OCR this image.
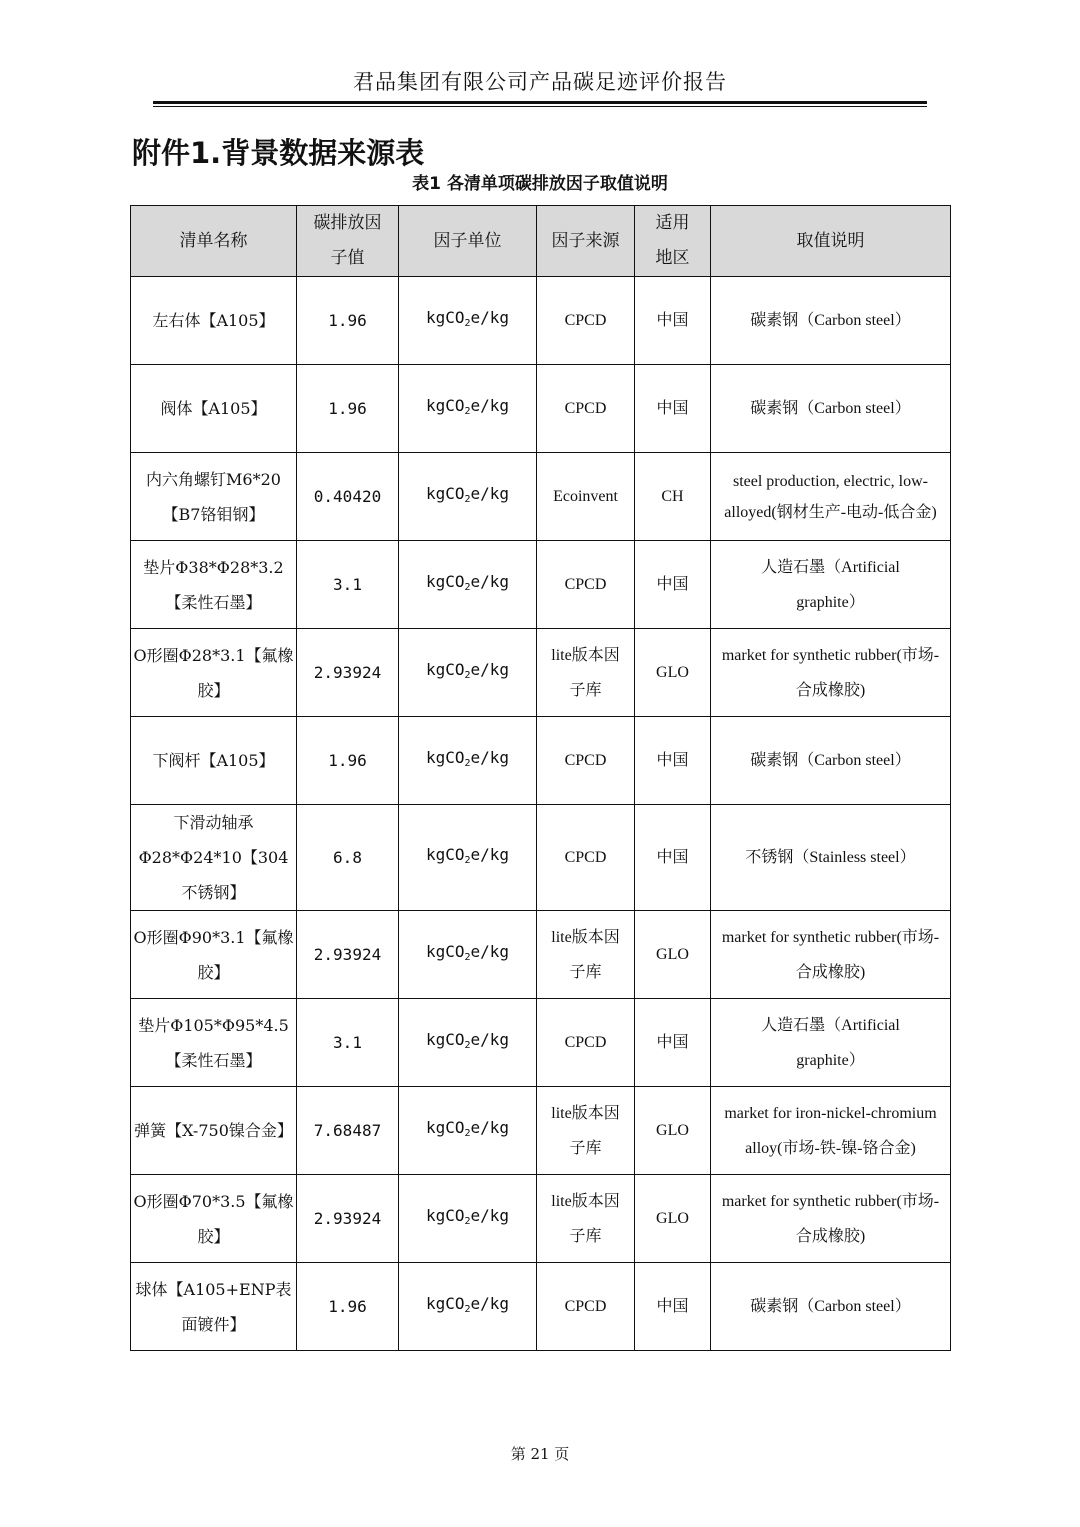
君品集团有限公司产品碳足迹评价报告
附件1.背景数据来源表
表1 各清单项碳排放因子取值说明
清单名称	碳排放因子值	因子单位	因子来源	适用地区	取值说明
左右体【A105】	1.96	kgCO2e/kg	CPCD	中国	碳素钢（Carbon steel）
阀体【A105】	1.96	kgCO2e/kg	CPCD	中国	碳素钢（Carbon steel）
内六角螺钉M6*20【B7铬钼钢】	0.40420	kgCO2e/kg	Ecoinvent	CH	steel production, electric, low-alloyed(钢材生产-电动-低合金)
垫片Φ38*Φ28*3.2【柔性石墨】	3.1	kgCO2e/kg	CPCD	中国	人造石墨（Artificial graphite）
O形圈Φ28*3.1【氟橡胶】	2.93924	kgCO2e/kg	lite版本因子库	GLO	market for synthetic rubber(市场-合成橡胶)
下阀杆【A105】	1.96	kgCO2e/kg	CPCD	中国	碳素钢（Carbon steel）
下滑动轴承Φ28*Φ24*10【304不锈钢】	6.8	kgCO2e/kg	CPCD	中国	不锈钢（Stainless steel）
O形圈Φ90*3.1【氟橡胶】	2.93924	kgCO2e/kg	lite版本因子库	GLO	market for synthetic rubber(市场-合成橡胶)
垫片Φ105*Φ95*4.5【柔性石墨】	3.1	kgCO2e/kg	CPCD	中国	人造石墨（Artificial graphite）
弹簧【X-750镍合金】	7.68487	kgCO2e/kg	lite版本因子库	GLO	market for iron-nickel-chromium alloy(市场-铁-镍-铬合金)
O形圈Φ70*3.5【氟橡胶】	2.93924	kgCO2e/kg	lite版本因子库	GLO	market for synthetic rubber(市场-合成橡胶)
球体【A105+ENP表面镀件】	1.96	kgCO2e/kg	CPCD	中国	碳素钢（Carbon steel）
第 21 页
